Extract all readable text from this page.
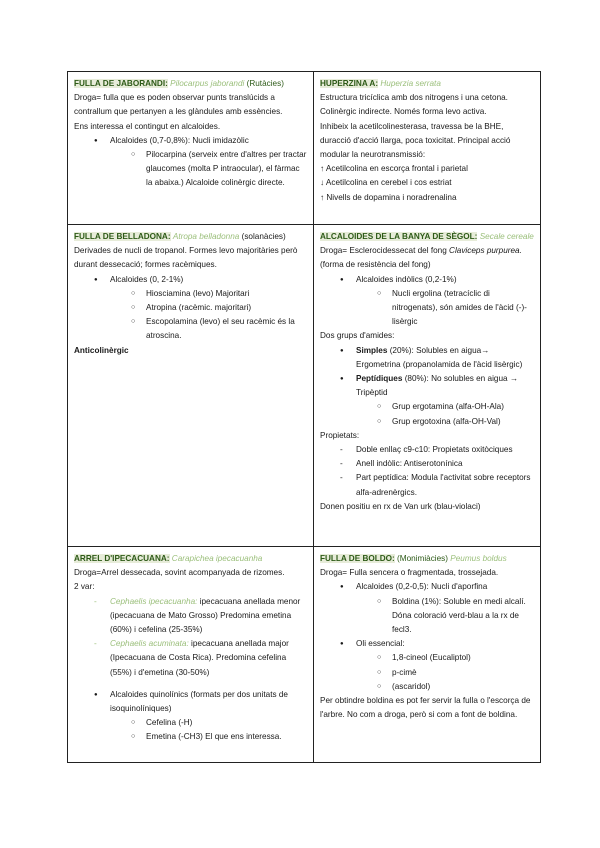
FULLA DE JABORANDI: Pilocarpus jaborandi (Rutàcies)

Droga= fulla que es poden observar punts translúcids a contrallum que pertanyen a les glàndules amb essències.

Ens interessa el contingut en alcaloides.

● Alcaloides (0,7-0,8%): Nucli imidazòlic
○ Pilocarpina (serveix entre d'altres per tractar glaucomes (molta P intraocular), el fàrmac la abaixa.) Alcaloide colinèrgic directe.

HUPERZINA A: Huperzia serrata

Estructura tricíclica amb dos nitrogens i una cetona.

Colinèrgic indirecte. Només forma levo activa.

Inhibeix la acetilcolinesterasa, travessa be la BHE, duracció d'acció llarga, poca toxicitat. Principal acció modular la neurotransmissió:

↑ Acetilcolina en escorça frontal i parietal

↓ Acetilcolina en cerebel i cos estriat

↑ Nivells de dopamina i noradrenalina

FULLA DE BELLADONA: Atropa belladonna (solanàcies)

Derivades de nucli de tropanol. Formes levo majoritàries però durant dessecació; formes racèmiques.

● Alcaloides (0, 2-1%)
○ Hiosciamina (levo) Majoritari
○ Atropina (racèmic. majoritari)
○ Escopolamina (levo) el seu racèmic és la atroscina.

Anticolinèrgic

ALCALOIDES DE LA BANYA DE SÈGOL: Secale cereale

Droga= Esclerocidessecat del fong Claviceps purpurea. (forma de resistència del fong)

● Alcaloides indòlics (0,2-1%)
○ Nucli ergolina (tetracíclic di nitrogenats), són amides de l'àcid (-)-lisèrgic

Dos grups d'amides:

● Simples (20%): Solubles en aigua→ Ergometrina (propanolamida de l'àcid lisèrgic)
● Peptídiques (80%): No solubles en aigua → Tripèptid
○ Grup ergotamina (alfa-OH-Ala)
○ Grup ergotoxina (alfa-OH-Val)

Propietats:

- Doble enllaç c9-c10: Propietats oxitòciques
- Anell indòlic: Antiserotonínica
- Part peptídica: Modula l'activitat sobre receptors alfa-adrenèrgics.

Donen positiu en rx de Van urk (blau-violaci)

ARREL D'IPECACUANA: Carapichea ipecacuanha

Droga=Arrel dessecada, sovint acompanyada de rizomes.

2 var:

- Cephaelis ipecacuanha: ipecacuana anellada menor (ipecacuana de Mato Grosso) Predomina emetina (60%) i cefelina (25-35%)
- Cephaelis acuminata: ipecacuana anellada major (Ipecacuana de Costa Rica). Predomina cefelina (55%) i d'emetina (30-50%)
● Alcaloides quinolínics (formats per dos unitats de isoquinolíniques)
○ Cefelina (-H)
○ Emetina (-CH3) El que ens interessa.

FULLA DE BOLDO: (Monimiàcies) Peumus boldus

Droga= Fulla sencera o fragmentada, trossejada.

● Alcaloides (0,2-0,5): Nucli d'aporfina
○ Boldina (1%): Soluble en medi alcalí. Dóna coloració verd-blau a la rx de fecl3.
● Oli essencial:
○ 1,8-cineol (Eucaliptol)
○ p-cimè
○ (ascaridol)

Per obtindre boldina es pot fer servir la fulla o l'escorça de l'arbre. No com a droga, però si com a font de boldina.
